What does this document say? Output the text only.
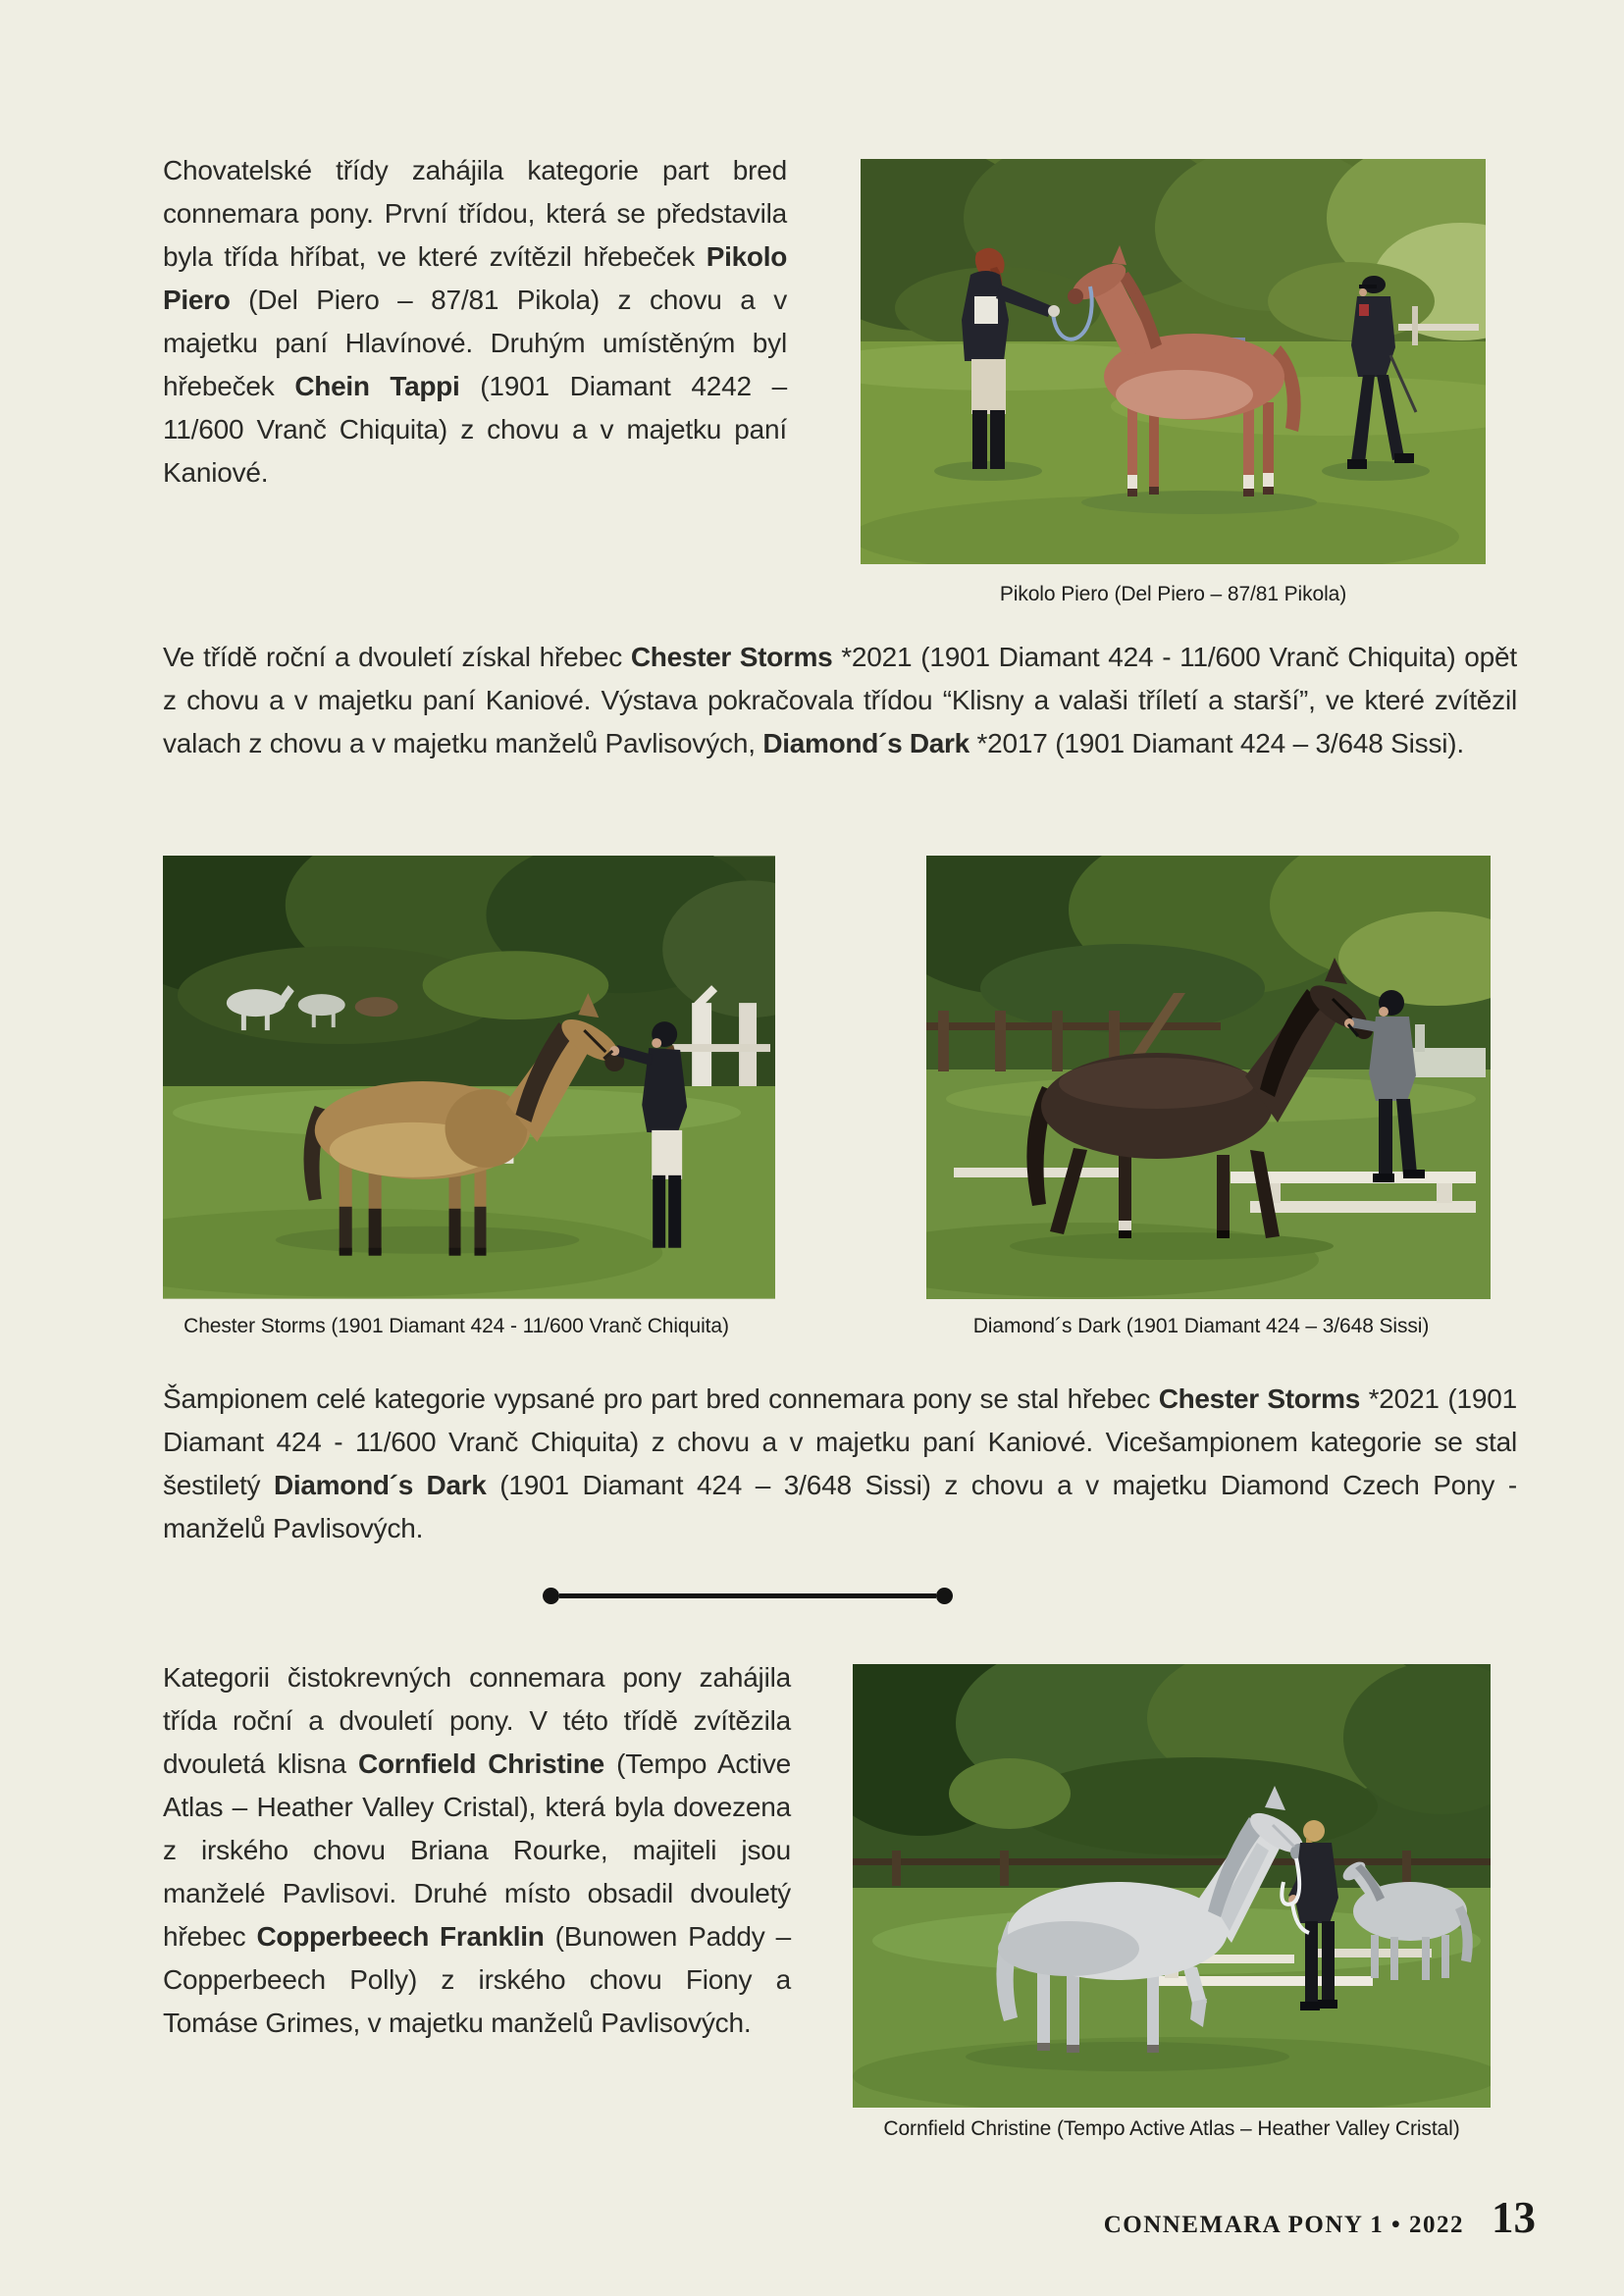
Chovatelské třídy zahájila kategorie part bred connemara pony. První třídou, která se představila byla třída hříbat, ve které zvítězil hřebeček Pikolo Piero (Del Piero – 87/81 Pikola) z chovu a v majetku paní Hlavínové. Druhým umístěným byl hřebeček Chein Tappi (1901 Diamant 4242 – 11/600 Vranč Chiquita) z chovu a v majetku paní Kaniové.

Pikolo Piero (Del Piero – 87/81 Pikola)

Ve třídě roční a dvouletí získal hřebec Chester Storms *2021 (1901 Diamant 424 - 11/600 Vranč Chiquita) opět z chovu a v majetku paní Kaniové. Výstava pokračovala třídou “Klisny a valaši tříletí a starší”, ve které zvítězil valach z chovu a v majetku manželů Pavlisových, Diamond´s Dark *2017 (1901 Diamant 424 – 3/648 Sissi).

Chester Storms (1901 Diamant 424 - 11/600 Vranč Chiquita)	Diamond´s Dark (1901 Diamant 424 – 3/648 Sissi)

Šampionem celé kategorie vypsané pro part bred connemara pony se stal hřebec Chester Storms *2021 (1901 Diamant 424 - 11/600 Vranč Chiquita) z chovu a v majetku paní Kaniové. Vicešampionem kategorie se stal šestiletý Diamond´s Dark (1901 Diamant 424 – 3/648 Sissi) z chovu a v majetku Diamond Czech Pony - manželů Pavlisových.

Kategorii čistokrevných connemara pony zahájila třída roční a dvouletí pony. V této třídě zvítězila dvouletá klisna Cornfield Christine (Tempo Active Atlas – Heather Valley Cristal), která byla dovezena z irského chovu Briana Rourke, majiteli jsou manželé Pavlisovi. Druhé místo obsadil dvouletý hřebec Copperbeech Franklin (Bunowen Paddy – Copperbeech Polly) z irského chovu Fiony a Tomáse Grimes, v majetku manželů Pavlisových.

Cornfield Christine (Tempo Active Atlas – Heather Valley Cristal)
CONNEMARA PONY 1 • 2022 13
